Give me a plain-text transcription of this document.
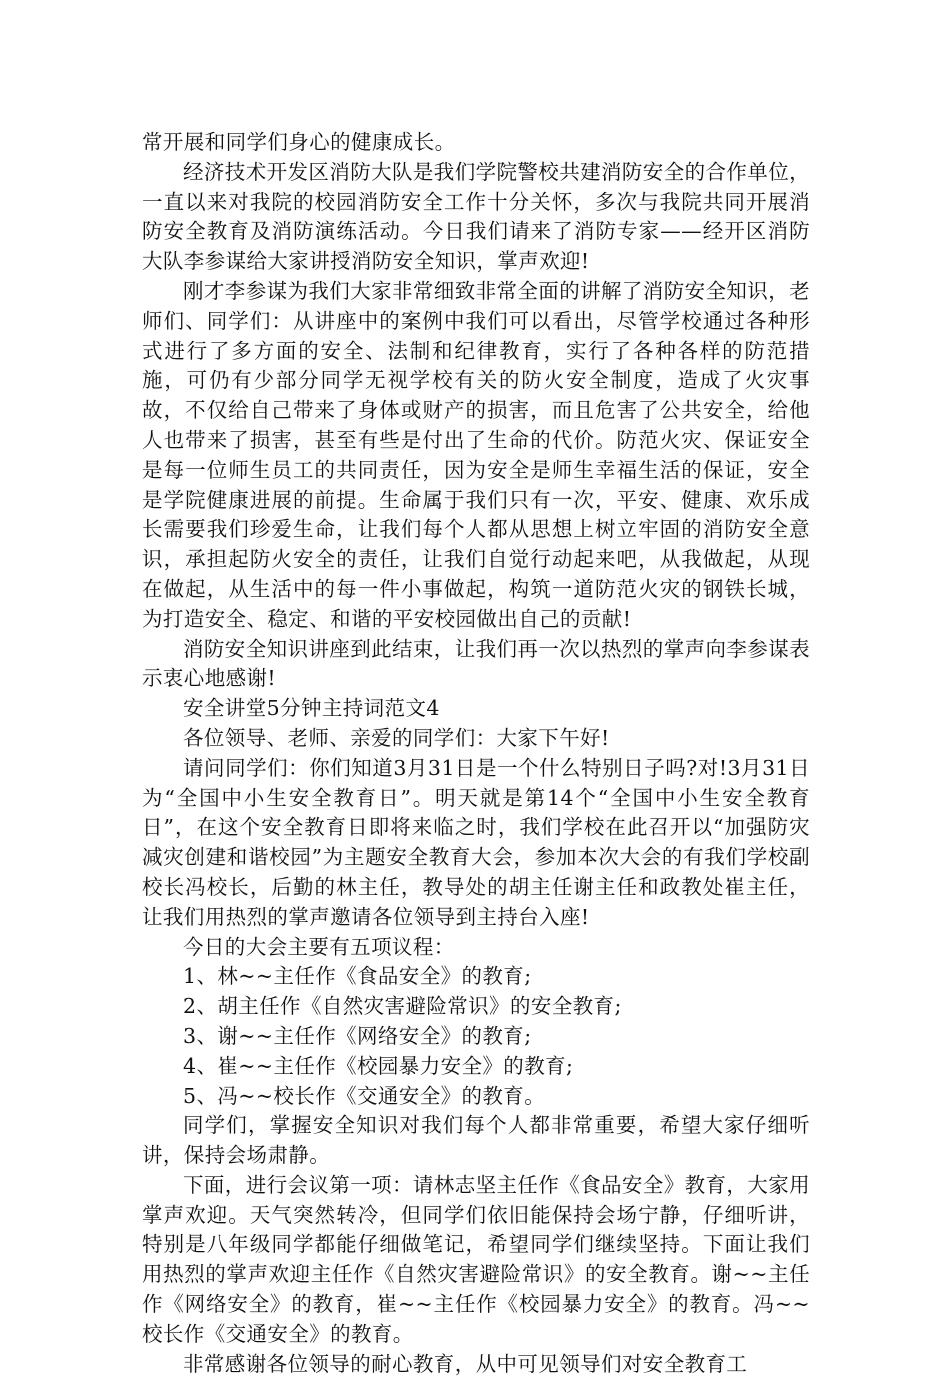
常开展和同学们身心的健康成长。

经济技术开发区消防大队是我们学院警校共建消防安全的合作单位，一直以来对我院的校园消防安全工作十分关怀，多次与我院共同开展消防安全教育及消防演练活动。今日我们请来了消防专家——经开区消防大队李参谋给大家讲授消防安全知识，掌声欢迎!

刚才李参谋为我们大家非常细致非常全面的讲解了消防安全知识，老师们、同学们：从讲座中的案例中我们可以看出，尽管学校通过各种形式进行了多方面的安全、法制和纪律教育，实行了各种各样的防范措施，可仍有少部分同学无视学校有关的防火安全制度，造成了火灾事故，不仅给自己带来了身体或财产的损害，而且危害了公共安全，给他人也带来了损害，甚至有些是付出了生命的代价。防范火灾、保证安全是每一位师生员工的共同责任，因为安全是师生幸福生活的保证，安全是学院健康进展的前提。生命属于我们只有一次，平安、健康、欢乐成长需要我们珍爱生命，让我们每个人都从思想上树立牢固的消防安全意识，承担起防火安全的责任，让我们自觉行动起来吧，从我做起，从现在做起，从生活中的每一件小事做起，构筑一道防范火灾的钢铁长城，为打造安全、稳定、和谐的平安校园做出自己的贡献!

消防安全知识讲座到此结束，让我们再一次以热烈的掌声向李参谋表示衷心地感谢!

安全讲堂5分钟主持词范文4

各位领导、老师、亲爱的同学们：大家下午好!

请问同学们：你们知道3月31日是一个什么特别日子吗?对!3月31日为“全国中小生安全教育日”。明天就是第14个“全国中小生安全教育日”，在这个安全教育日即将来临之时，我们学校在此召开以“加强防灾减灾创建和谐校园”为主题安全教育大会，参加本次大会的有我们学校副校长冯校长，后勤的林主任，教导处的胡主任谢主任和政教处崔主任，让我们用热烈的掌声邀请各位领导到主持台入座!

今日的大会主要有五项议程：

1、林~~主任作《食品安全》的教育;

2、胡主任作《自然灾害避险常识》的安全教育;

3、谢~~主任作《网络安全》的教育;

4、崔~~主任作《校园暴力安全》的教育;

5、冯~~校长作《交通安全》的教育。

同学们，掌握安全知识对我们每个人都非常重要，希望大家仔细听讲，保持会场肃静。

下面，进行会议第一项：请林志坚主任作《食品安全》教育，大家用掌声欢迎。天气突然转冷，但同学们依旧能保持会场宁静，仔细听讲，特别是八年级同学都能仔细做笔记，希望同学们继续坚持。下面让我们用热烈的掌声欢迎主任作《自然灾害避险常识》的安全教育。谢~~主任作《网络安全》的教育，崔~~主任作《校园暴力安全》的教育。冯~~校长作《交通安全》的教育。

非常感谢各位领导的耐心教育，从中可见领导们对安全教育工
